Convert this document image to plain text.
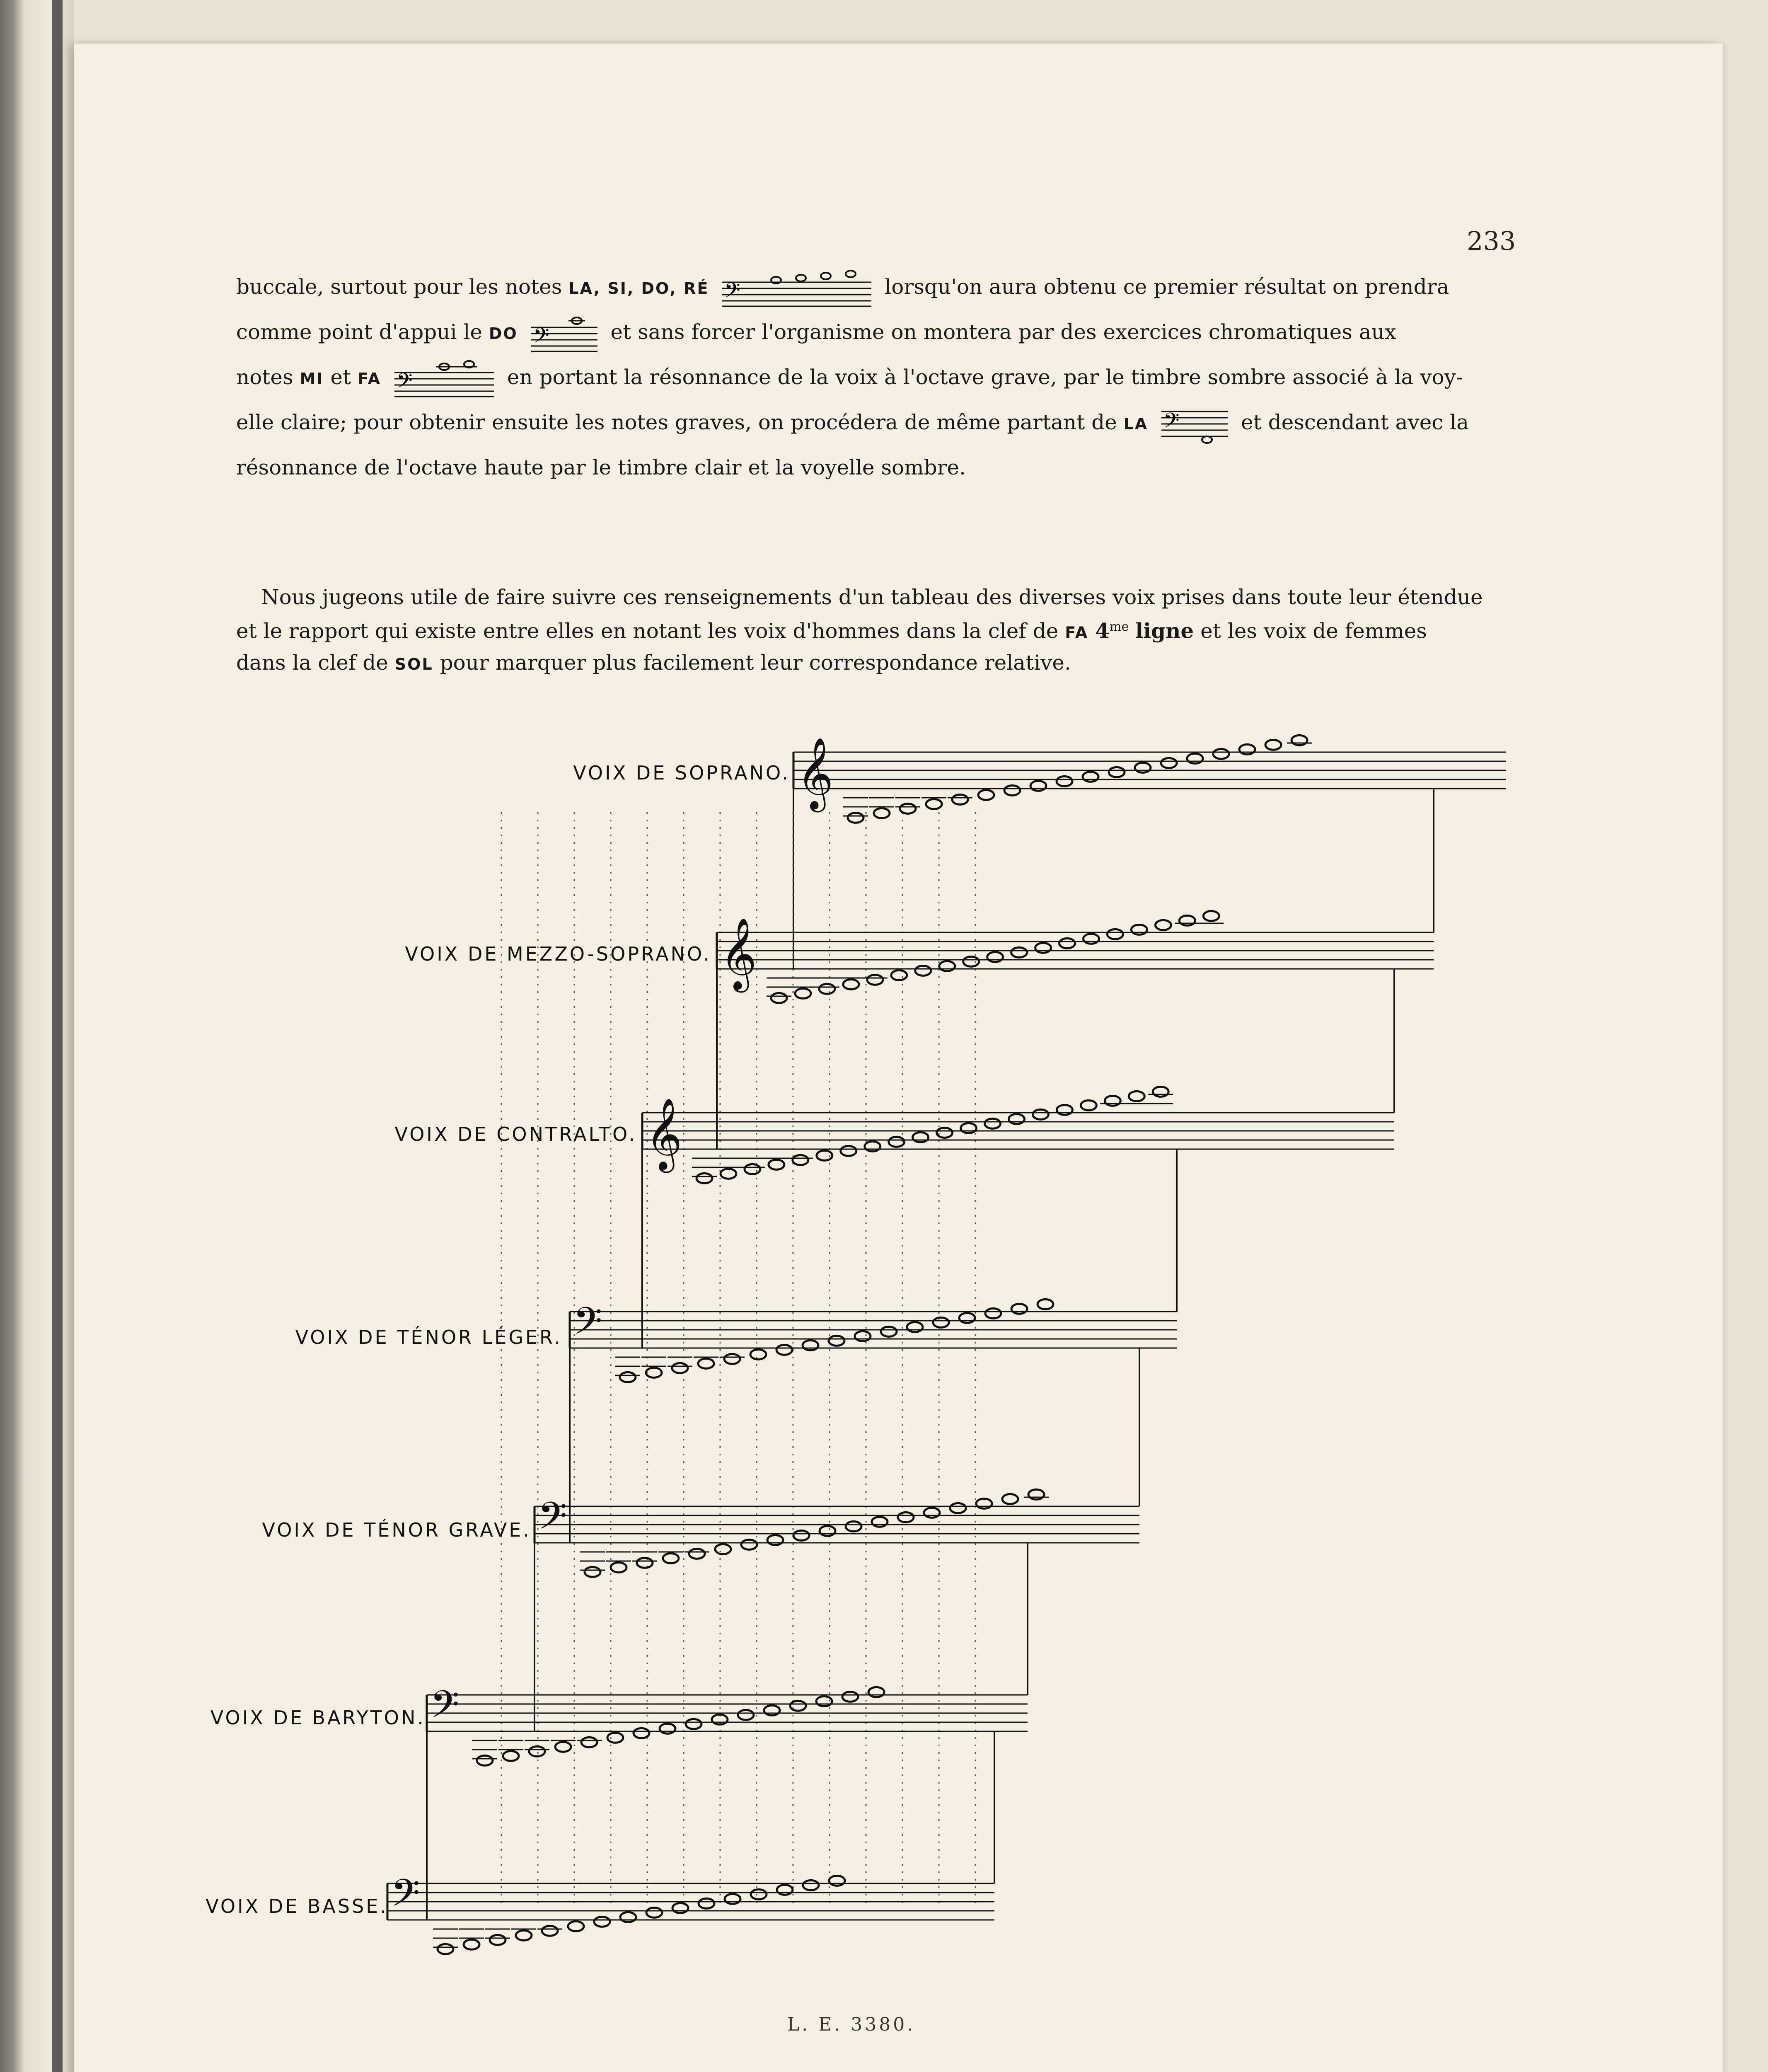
233
buccale, surtout pour les notes LA, SI, DO, RÉ 𝄢	lorsqu'on aura obtenu ce premier résultat on prendra
comme point d'appui le DO 𝄢	et sans forcer l'organisme on montera par des exercices chromatiques aux
notes MI et FA 𝄢	en portant la résonnance de la voix à l'octave grave, par le timbre sombre associé à la voy-
elle claire; pour obtenir ensuite les notes graves, on procédera de même partant de LA 𝄢	et descendant avec la
résonnance de l'octave haute par le timbre clair et la voyelle sombre.
Nous jugeons utile de faire suivre ces renseignements d'un tableau des diverses voix prises dans toute leur étendue
et le rapport qui existe entre elles en notant les voix d'hommes dans la clef de FA $4^{me}$ ligne et les voix de femmes
dans la clef de SOL pour marquer plus facilement leur correspondance relative.
VOIX DE SOPRANO.
VOIX DE MEZZO-SOPRANO.
VOIX DE CONTRALTO.
VOIX DE TÉNOR LÉGER.
VOIX DE TÉNOR GRAVE.
VOIX DE BARYTON.
VOIX DE BASSE.
𝄞
𝄞
𝄞
𝄢
𝄢
𝄢
𝄢
L. E. 3380.
